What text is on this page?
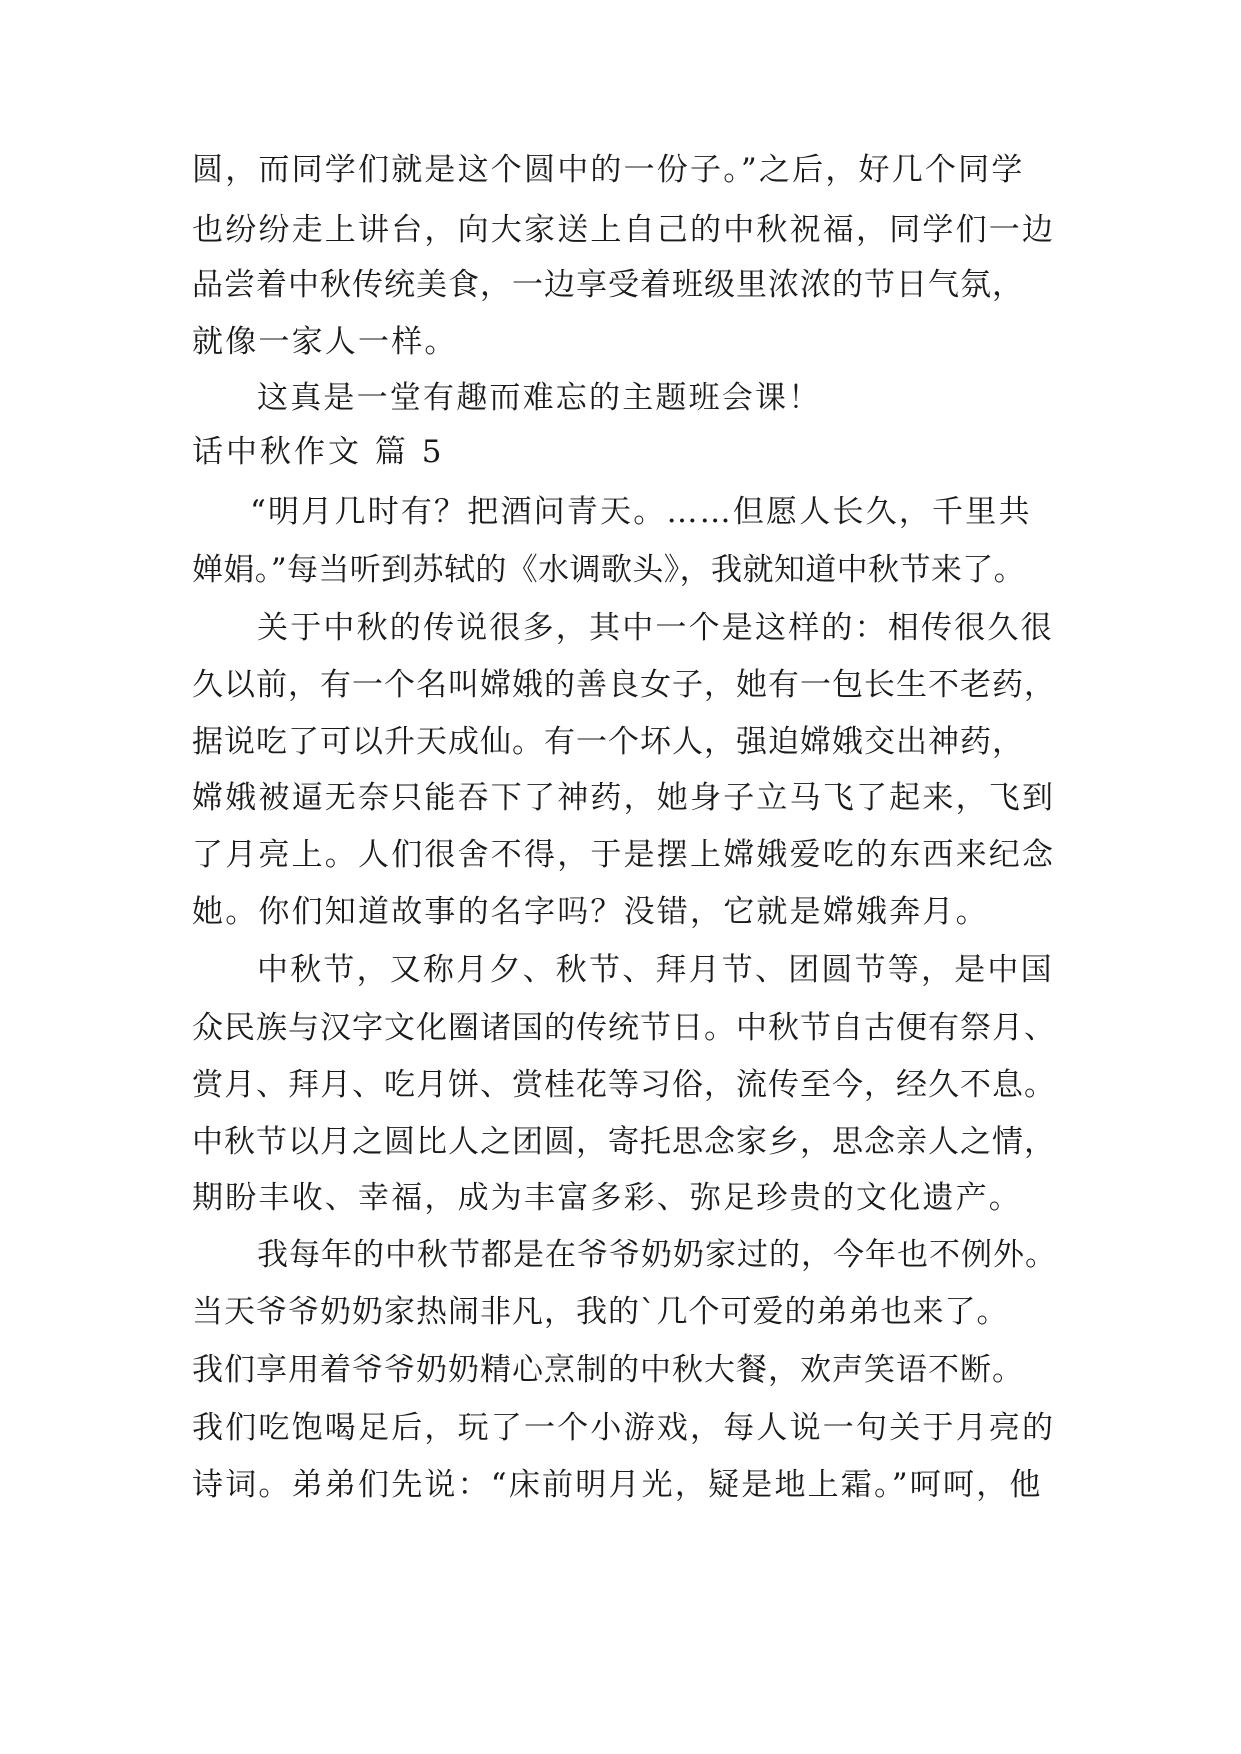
圆，而同学们就是这个圆中的一份子。”之后，好几个同学
也纷纷走上讲台，向大家送上自己的中秋祝福，同学们一边
品尝着中秋传统美食，一边享受着班级里浓浓的节日气氛，
就像一家人一样。
这真是一堂有趣而难忘的主题班会课！
话中秋作文 篇 5
“明月几时有？把酒问青天。……但愿人长久，千里共
婵娟。”每当听到苏轼的《水调歌头》，我就知道中秋节来了。
关于中秋的传说很多，其中一个是这样的：相传很久很
久以前，有一个名叫嫦娥的善良女子，她有一包长生不老药，
据说吃了可以升天成仙。有一个坏人，强迫嫦娥交出神药，
嫦娥被逼无奈只能吞下了神药，她身子立马飞了起来，飞到
了月亮上。人们很舍不得，于是摆上嫦娥爱吃的东西来纪念
她。你们知道故事的名字吗？没错，它就是嫦娥奔月。
中秋节，又称月夕、秋节、拜月节、团圆节等，是中国
众民族与汉字文化圈诸国的传统节日。中秋节自古便有祭月、
赏月、拜月、吃月饼、赏桂花等习俗，流传至今，经久不息。
中秋节以月之圆比人之团圆，寄托思念家乡，思念亲人之情，
期盼丰收、幸福，成为丰富多彩、弥足珍贵的文化遗产。
我每年的中秋节都是在爷爷奶奶家过的，今年也不例外。
当天爷爷奶奶家热闹非凡，我的`几个可爱的弟弟也来了。
我们享用着爷爷奶奶精心烹制的中秋大餐，欢声笑语不断。
我们吃饱喝足后，玩了一个小游戏，每人说一句关于月亮的
诗词。弟弟们先说：“床前明月光，疑是地上霜。”呵呵，他
